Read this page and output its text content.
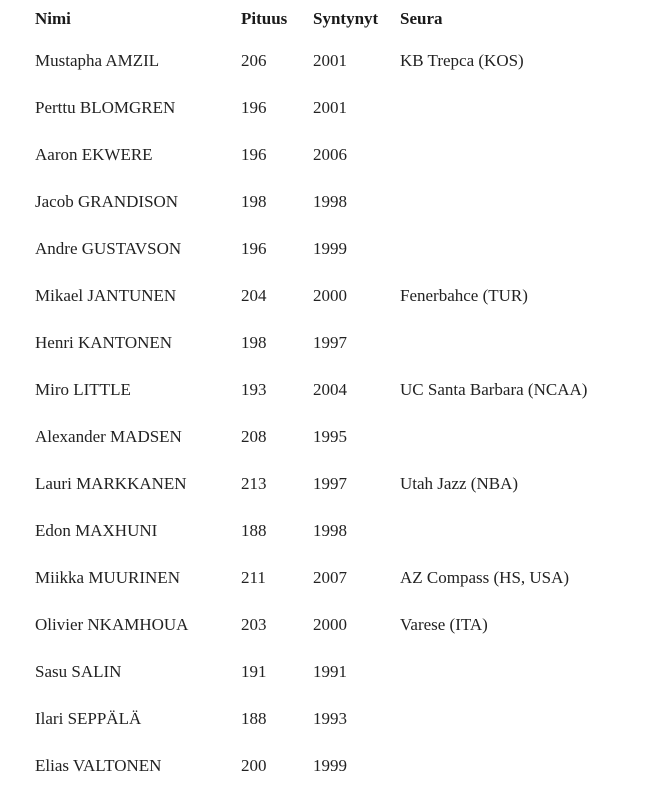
Nimi	Pituus	Syntynyt	Seura
Mustapha AMZIL	206	2001	KB Trepca (KOS)
Perttu BLOMGREN	196	2001	
Aaron EKWERE	196	2006	
Jacob GRANDISON	198	1998	
Andre GUSTAVSON	196	1999	
Mikael JANTUNEN	204	2000	Fenerbahce (TUR)
Henri KANTONEN	198	1997	
Miro LITTLE	193	2004	UC Santa Barbara (NCAA)
Alexander MADSEN	208	1995	
Lauri MARKKANEN	213	1997	Utah Jazz (NBA)
Edon MAXHUNI	188	1998	
Miikka MUURINEN	211	2007	AZ Compass (HS, USA)
Olivier NKAMHOUA	203	2000	Varese (ITA)
Sasu SALIN	191	1991	
Ilari SEPPÄLÄ	188	1993	
Elias VALTONEN	200	1999	
